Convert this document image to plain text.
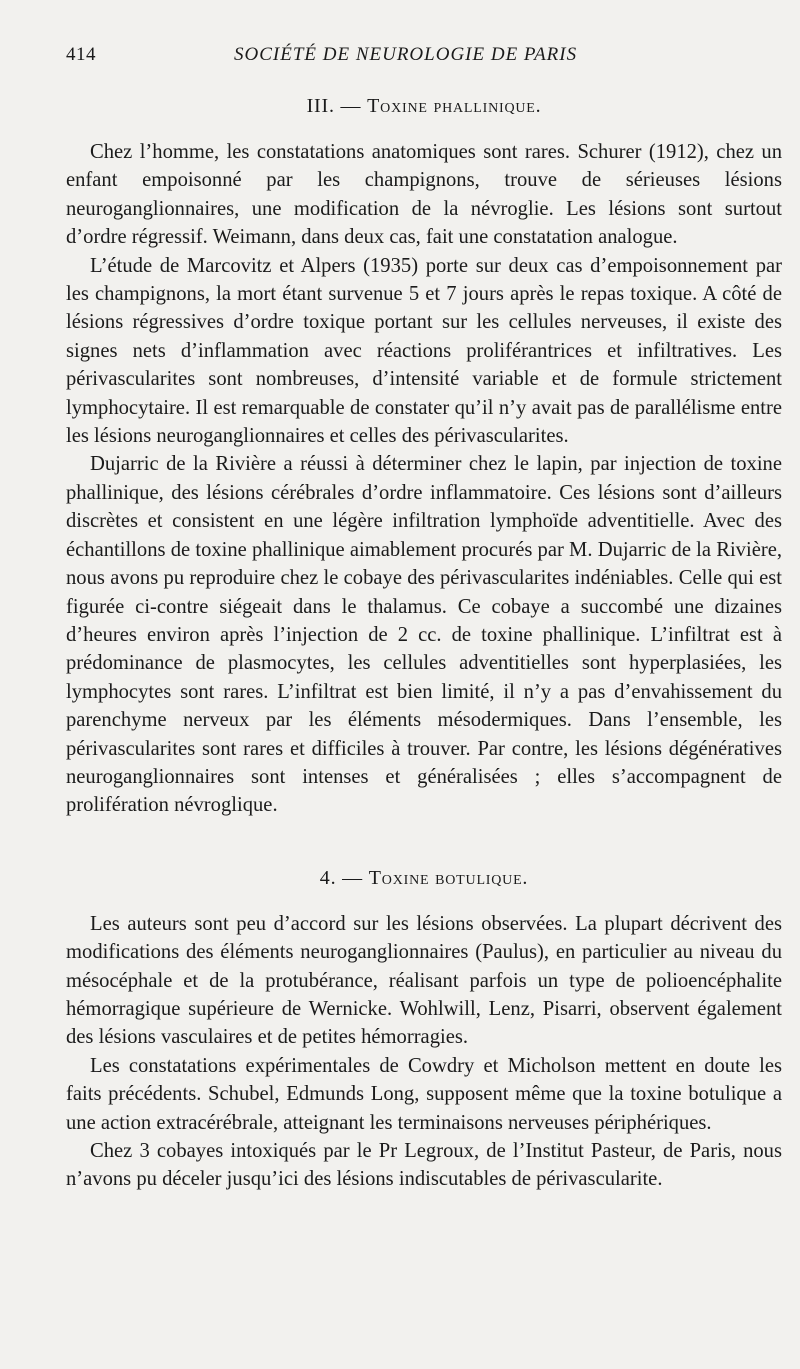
414	SOCIÉTÉ DE NEUROLOGIE DE PARIS
III. — Toxine phallinique.

Chez l’homme, les constatations anatomiques sont rares. Schurer (1912), chez un enfant empoisonné par les champignons, trouve de sérieuses lésions neuroganglionnaires, une modification de la névroglie. Les lésions sont surtout d’ordre régressif. Weimann, dans deux cas, fait une constatation analogue.

L’étude de Marcovitz et Alpers (1935) porte sur deux cas d’empoisonnement par les champignons, la mort étant survenue 5 et 7 jours après le repas toxique. A côté de lésions régressives d’ordre toxique portant sur les cellules nerveuses, il existe des signes nets d’inflammation avec réactions proliférantrices et infiltratives. Les périvascularites sont nombreuses, d’intensité variable et de formule strictement lymphocytaire. Il est remarquable de constater qu’il n’y avait pas de parallélisme entre les lésions neuroganglionnaires et celles des périvascularites.

Dujarric de la Rivière a réussi à déterminer chez le lapin, par injection de toxine phallinique, des lésions cérébrales d’ordre inflammatoire. Ces lésions sont d’ailleurs discrètes et consistent en une légère infiltration lymphoïde adventitielle. Avec des échantillons de toxine phallinique aimablement procurés par M. Dujarric de la Rivière, nous avons pu reproduire chez le cobaye des périvascularites indéniables. Celle qui est figurée ci-contre siégeait dans le thalamus. Ce cobaye a succombé une dizaines d’heures environ après l’injection de 2 cc. de toxine phallinique. L’infiltrat est à prédominance de plasmocytes, les cellules adventitielles sont hyperplasiées, les lymphocytes sont rares. L’infiltrat est bien limité, il n’y a pas d’envahissement du parenchyme nerveux par les éléments mésodermiques. Dans l’ensemble, les périvascularites sont rares et difficiles à trouver. Par contre, les lésions dégénératives neuroganglionnaires sont intenses et généralisées ; elles s’accompagnent de prolifération névroglique.

4. — Toxine botulique.

Les auteurs sont peu d’accord sur les lésions observées. La plupart décrivent des modifications des éléments neuroganglionnaires (Paulus), en particulier au niveau du mésocéphale et de la protubérance, réalisant parfois un type de polioencéphalite hémorragique supérieure de Wernicke. Wohlwill, Lenz, Pisarri, observent également des lésions vasculaires et de petites hémorragies.

Les constatations expérimentales de Cowdry et Micholson mettent en doute les faits précédents. Schubel, Edmunds Long, supposent même que la toxine botulique a une action extracérébrale, atteignant les terminaisons nerveuses périphériques.

Chez 3 cobayes intoxiqués par le Pr Legroux, de l’Institut Pasteur, de Paris, nous n’avons pu déceler jusqu’ici des lésions indiscutables de périvascularite.
